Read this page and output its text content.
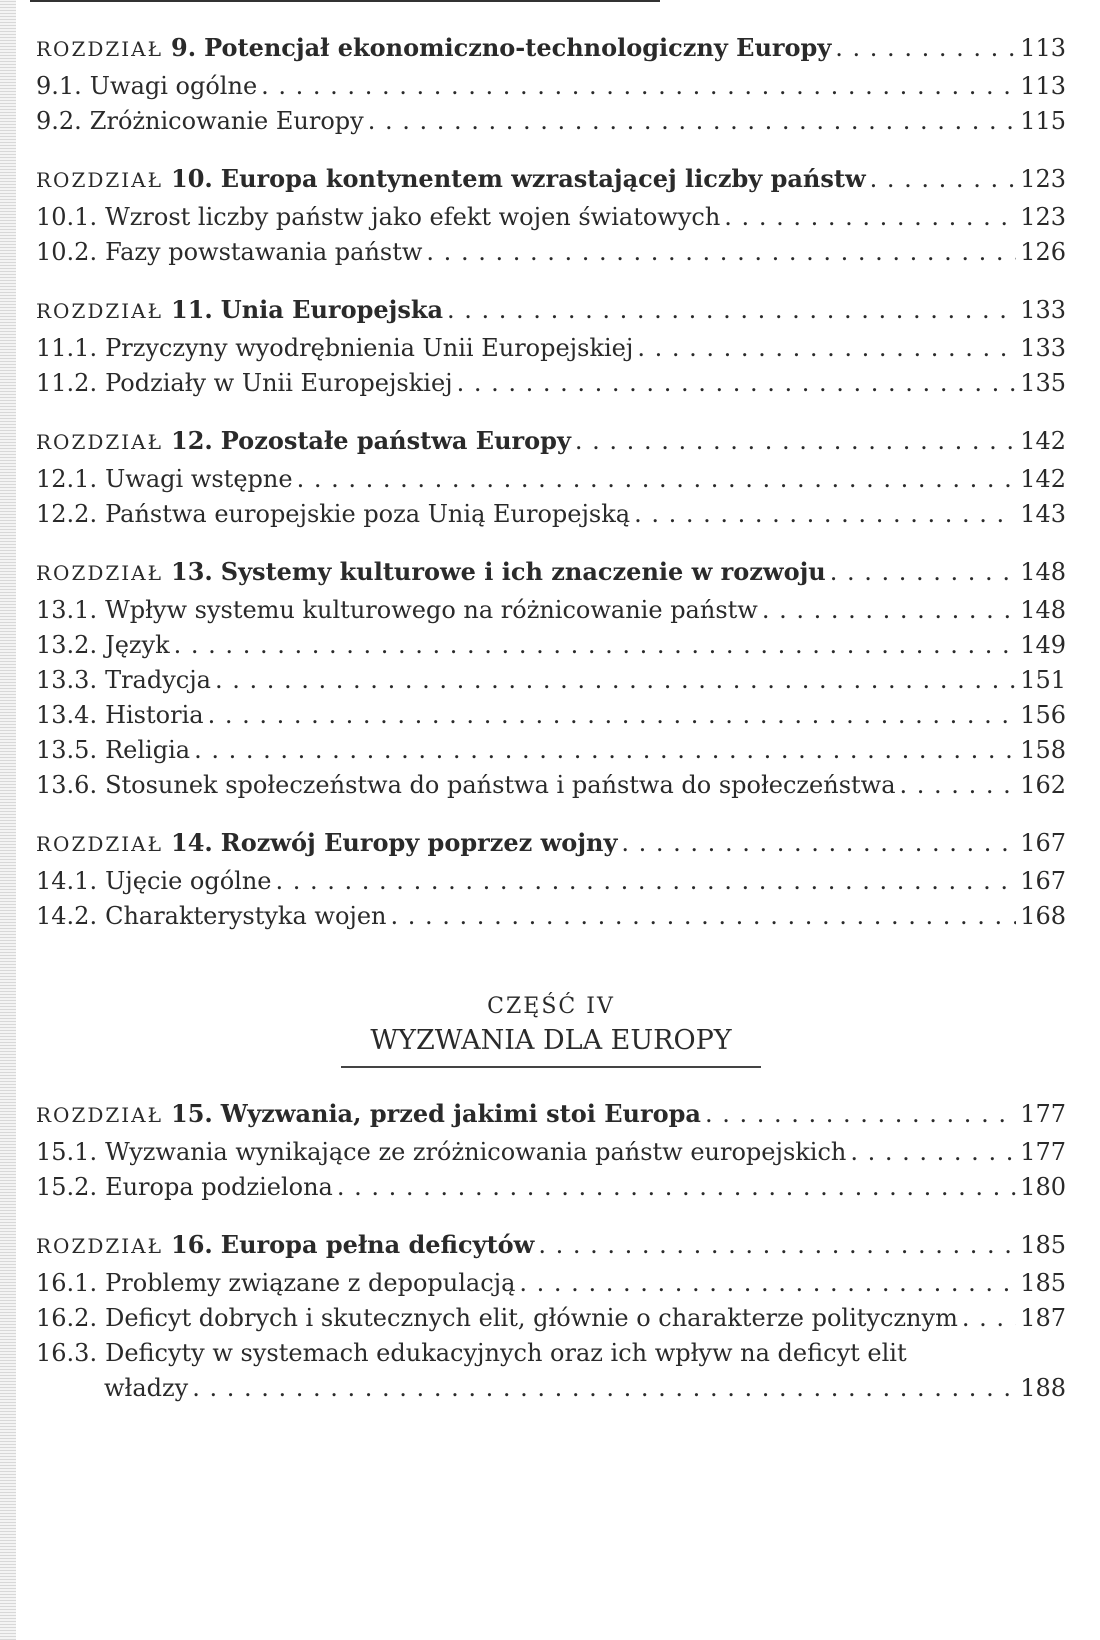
ROZDZIAŁ 9. Potencjał ekonomiczno-technologiczny Europy . . .	113
9.1. Uwagi ogólne . . .	113
9.2. Zróżnicowanie Europy . . .	115
ROZDZIAŁ 10. Europa kontynentem wzrastającej liczby państw . . .	123
10.1. Wzrost liczby państw jako efekt wojen światowych . . .	123
10.2. Fazy powstawania państw . . .	126
ROZDZIAŁ 11. Unia Europejska . . .	133
11.1. Przyczyny wyodrębnienia Unii Europejskiej . . .	133
11.2. Podziały w Unii Europejskiej . . .	135
ROZDZIAŁ 12. Pozostałe państwa Europy . . .	142
12.1. Uwagi wstępne . . .	142
12.2. Państwa europejskie poza Unią Europejską . . .	143
ROZDZIAŁ 13. Systemy kulturowe i ich znaczenie w rozwoju . . .	148
13.1. Wpływ systemu kulturowego na różnicowanie państw . . .	148
13.2. Język . . .	149
13.3. Tradycja . . .	151
13.4. Historia . . .	156
13.5. Religia . . .	158
13.6. Stosunek społeczeństwa do państwa i państwa do społeczeństwa . . .	162
ROZDZIAŁ 14. Rozwój Europy poprzez wojny . . .	167
14.1. Ujęcie ogólne . . .	167
14.2. Charakterystyka wojen . . .	168
CZĘŚĆ IV
WYZWANIA DLA EUROPY
ROZDZIAŁ 15. Wyzwania, przed jakimi stoi Europa . . .	177
15.1. Wyzwania wynikające ze zróżnicowania państw europejskich . . .	177
15.2. Europa podzielona . . .	180
ROZDZIAŁ 16. Europa pełna deficytów . . .	185
16.1. Problemy związane z depopulacją . . .	185
16.2. Deficyt dobrych i skutecznych elit, głównie o charakterze politycznym . . .	187
16.3. Deficyty w systemach edukacyjnych oraz ich wpływ na deficyt elit
władzy . . .	188
